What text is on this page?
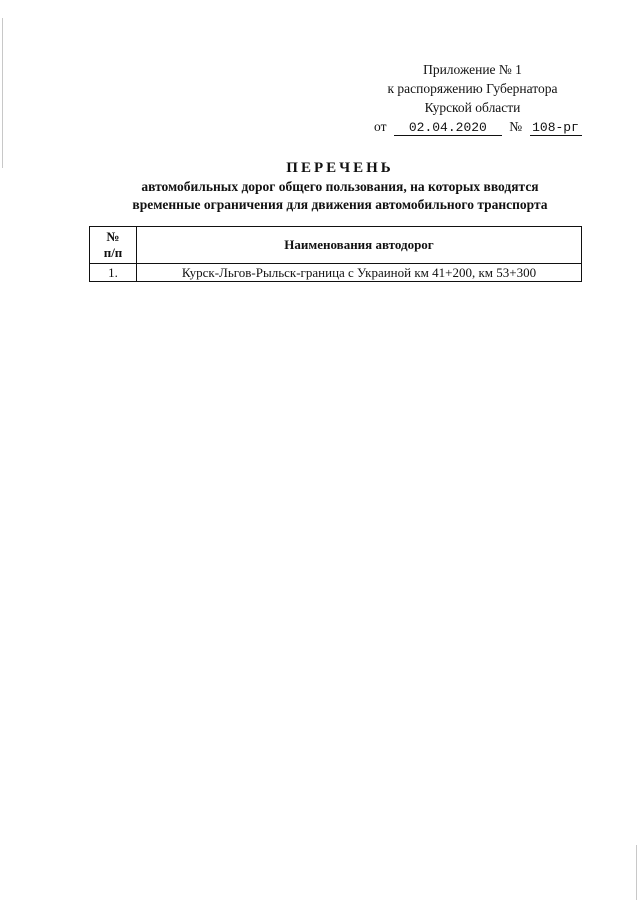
Приложение № 1
к распоряжению Губернатора
Курской области
от 02.04.2020 № 108-рг
ПЕРЕЧЕНЬ
автомобильных дорог общего пользования, на которых вводятся
временные ограничения для движения автомобильного транспорта
№
п/п	Наименования автодорог
1.	Курск-Льгов-Рыльск-граница с Украиной км 41+200, км 53+300
